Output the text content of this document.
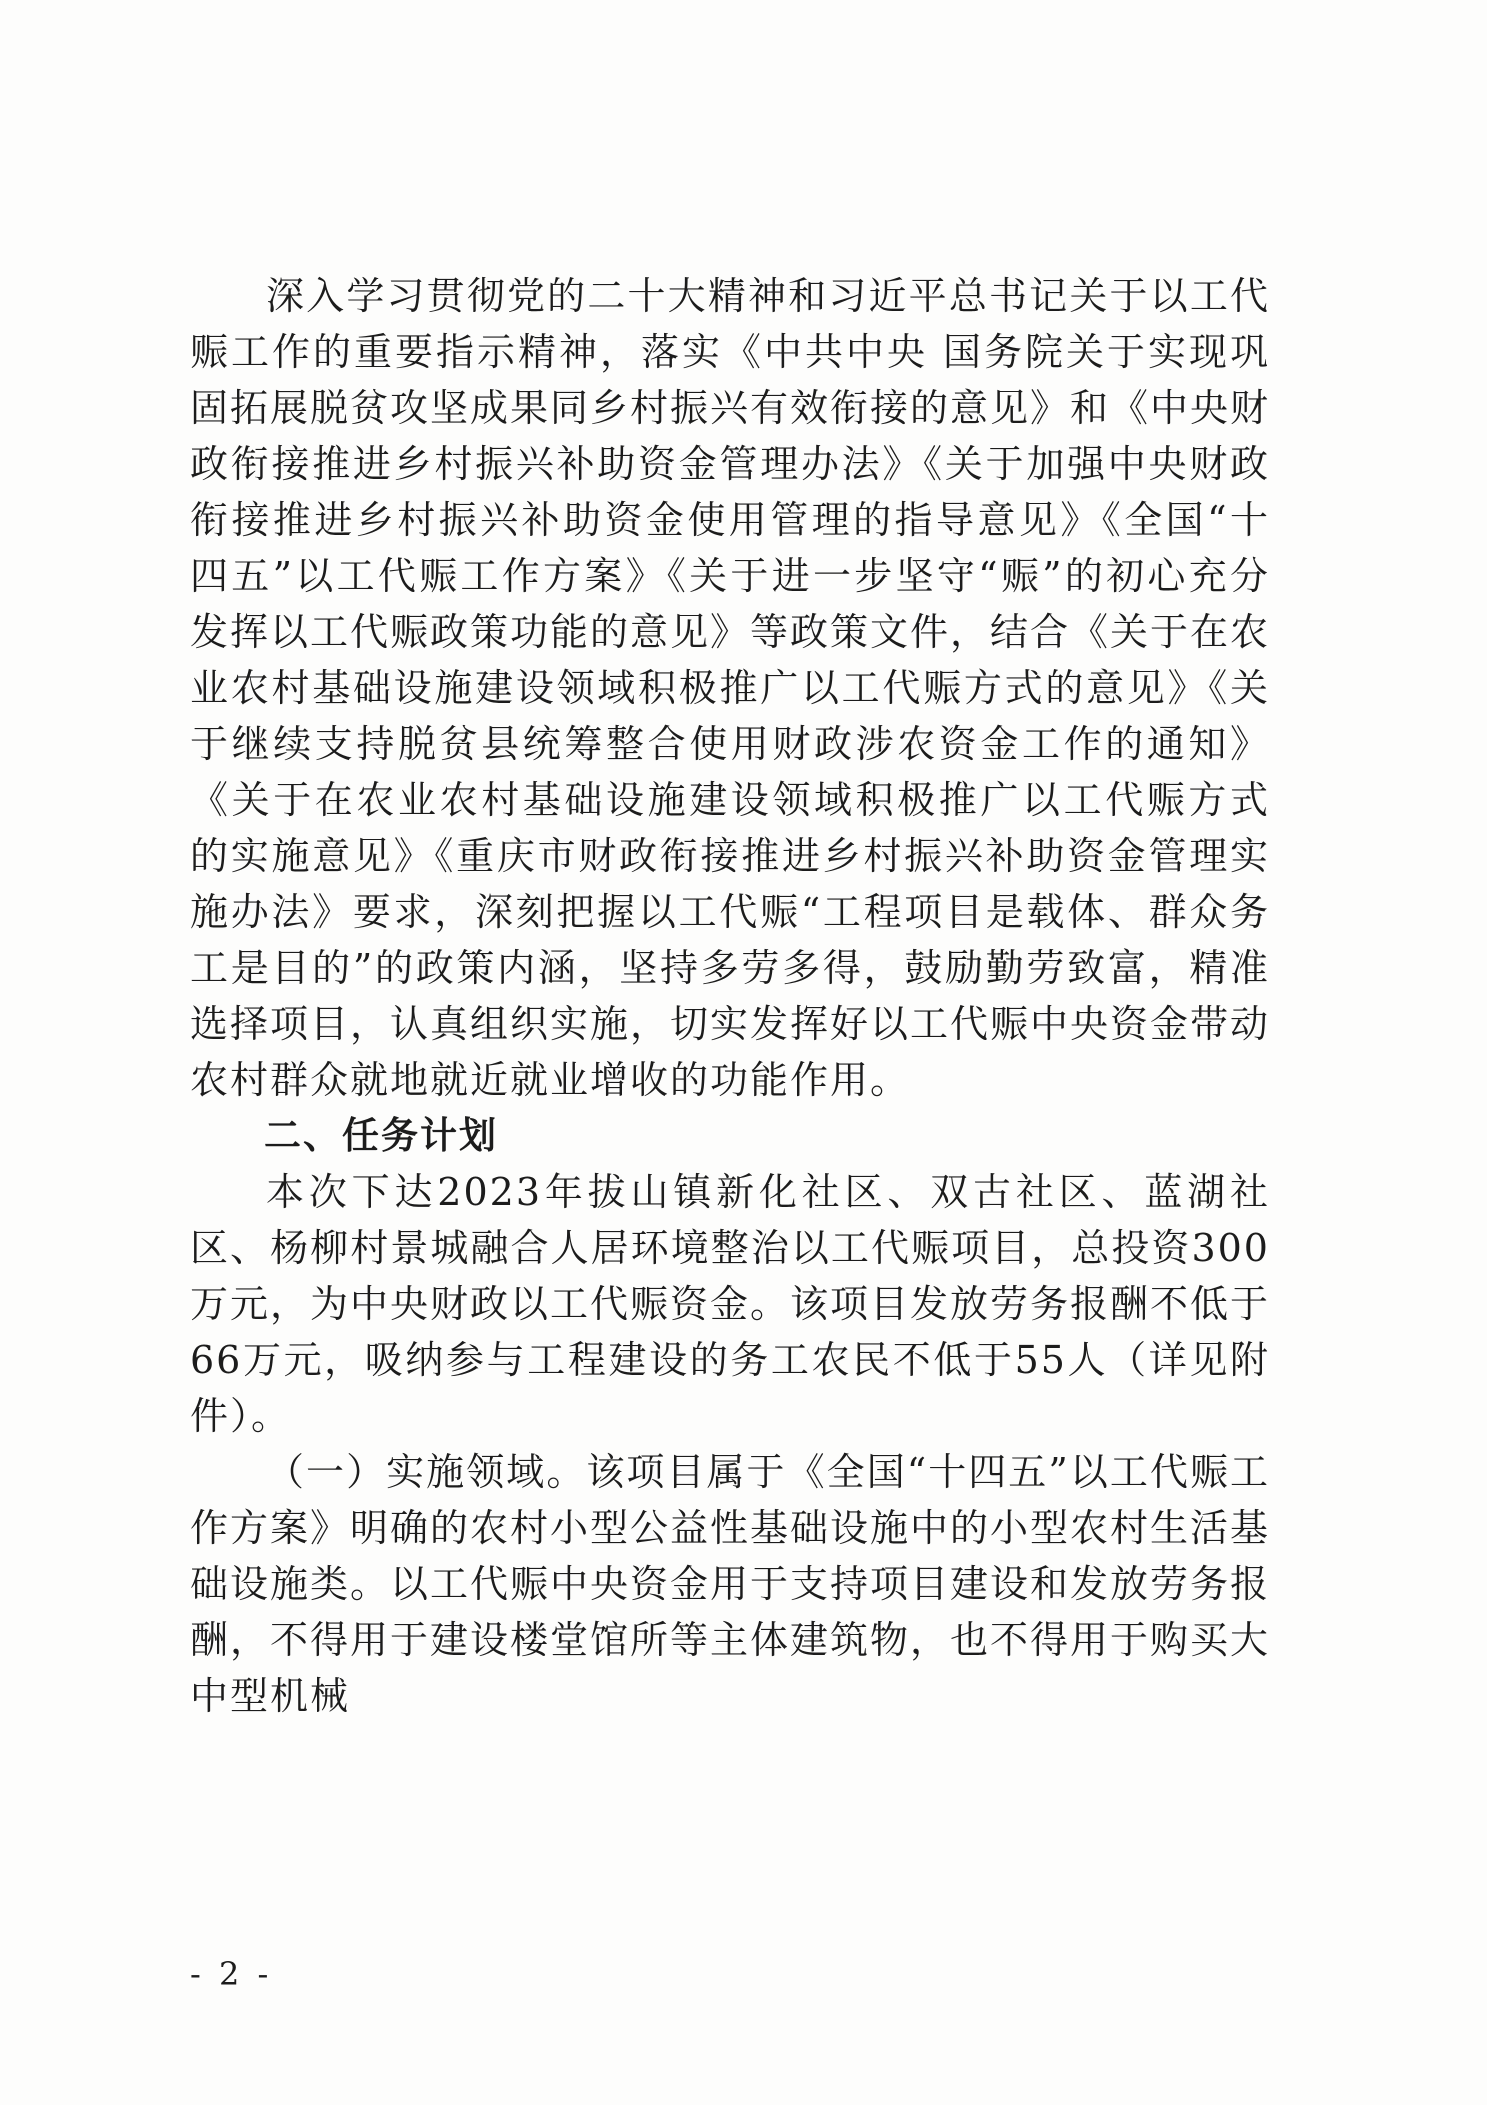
深入学习贯彻党的二十大精神和习近平总书记关于以工代赈工作的重要指示精神，落实《中共中央 国务院关于实现巩固拓展脱贫攻坚成果同乡村振兴有效衔接的意见》和《中央财政衔接推进乡村振兴补助资金管理办法》《关于加强中央财政衔接推进乡村振兴补助资金使用管理的指导意见》《全国“十四五”以工代赈工作方案》《关于进一步坚守“赈”的初心充分发挥以工代赈政策功能的意见》等政策文件，结合《关于在农业农村基础设施建设领域积极推广以工代赈方式的意见》《关于继续支持脱贫县统筹整合使用财政涉农资金工作的通知》《关于在农业农村基础设施建设领域积极推广以工代赈方式的实施意见》《重庆市财政衔接推进乡村振兴补助资金管理实施办法》要求，深刻把握以工代赈“工程项目是载体、群众务工是目的”的政策内涵，坚持多劳多得，鼓励勤劳致富，精准选择项目，认真组织实施，切实发挥好以工代赈中央资金带动农村群众就地就近就业增收的功能作用。

二、任务计划

本次下达2023年拔山镇新化社区、双古社区、蓝湖社区、杨柳村景城融合人居环境整治以工代赈项目，总投资300万元，为中央财政以工代赈资金。该项目发放劳务报酬不低于66万元，吸纳参与工程建设的务工农民不低于55人（详见附件）。

（一）实施领域。该项目属于《全国“十四五”以工代赈工作方案》明确的农村小型公益性基础设施中的小型农村生活基础设施类。以工代赈中央资金用于支持项目建设和发放劳务报酬，不得用于建设楼堂馆所等主体建筑物，也不得用于购买大中型机械

- 2 -
